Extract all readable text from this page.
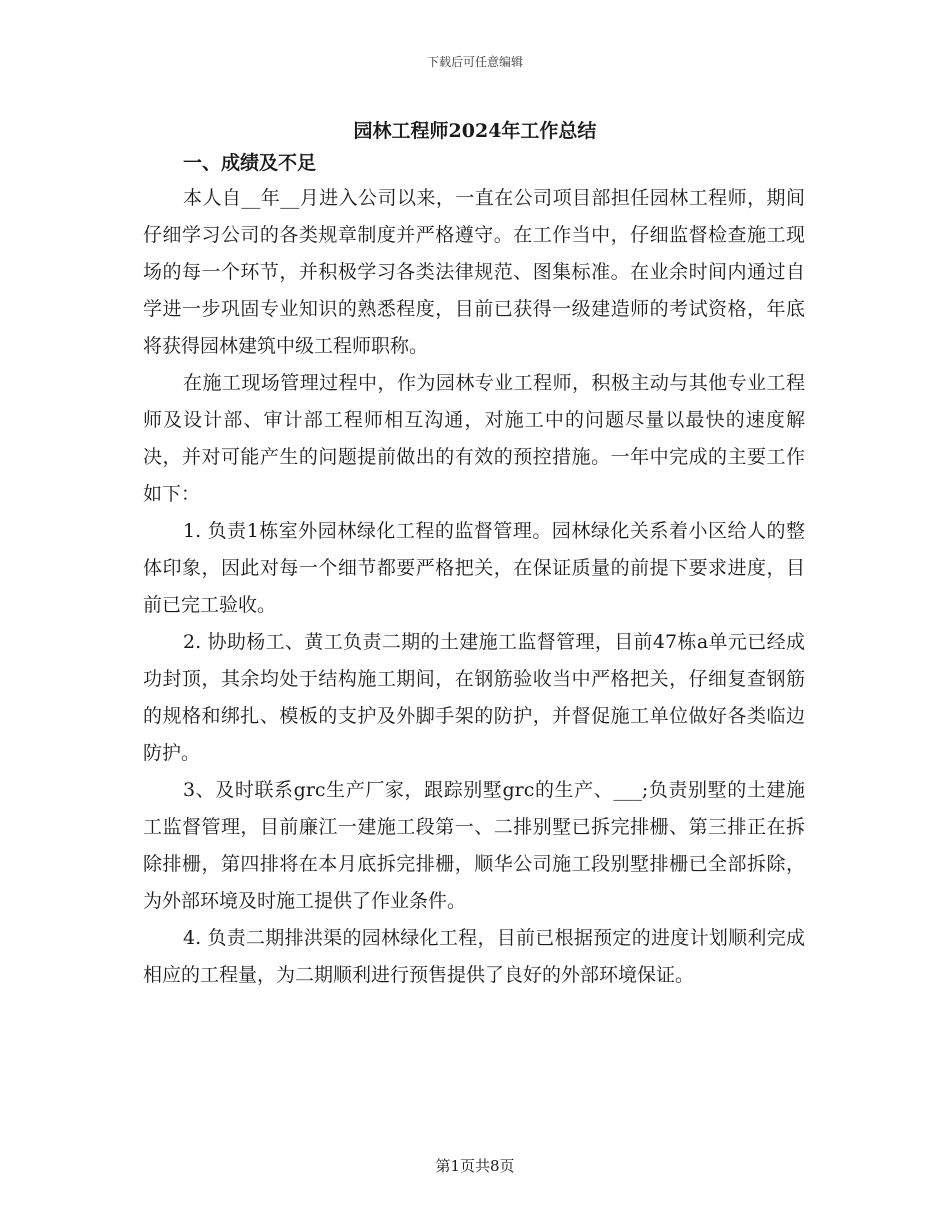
下载后可任意编辑
园林工程师2024年工作总结

一、成绩及不足

本人自__年__月进入公司以来，一直在公司项目部担任园林工程师，期间仔细学习公司的各类规章制度并严格遵守。在工作当中，仔细监督检查施工现场的每一个环节，并积极学习各类法律规范、图集标准。在业余时间内通过自学进一步巩固专业知识的熟悉程度，目前已获得一级建造师的考试资格，年底将获得园林建筑中级工程师职称。

在施工现场管理过程中，作为园林专业工程师，积极主动与其他专业工程师及设计部、审计部工程师相互沟通，对施工中的问题尽量以最快的速度解决，并对可能产生的问题提前做出的有效的预控措施。一年中完成的主要工作如下：

1. 负责1栋室外园林绿化工程的监督管理。园林绿化关系着小区给人的整体印象，因此对每一个细节都要严格把关，在保证质量的前提下要求进度，目前已完工验收。

2. 协助杨工、黄工负责二期的土建施工监督管理，目前47栋a单元已经成功封顶，其余均处于结构施工期间，在钢筋验收当中严格把关，仔细复查钢筋的规格和绑扎、模板的支护及外脚手架的防护，并督促施工单位做好各类临边防护。

3、及时联系grc生产厂家，跟踪别墅grc的生产、___;负责别墅的土建施工监督管理，目前廉江一建施工段第一、二排别墅已拆完排栅、第三排正在拆除排栅，第四排将在本月底拆完排栅，顺华公司施工段别墅排栅已全部拆除，为外部环境及时施工提供了作业条件。

4. 负责二期排洪渠的园林绿化工程，目前已根据预定的进度计划顺利完成相应的工程量，为二期顺利进行预售提供了良好的外部环境保证。

第1页共8页
